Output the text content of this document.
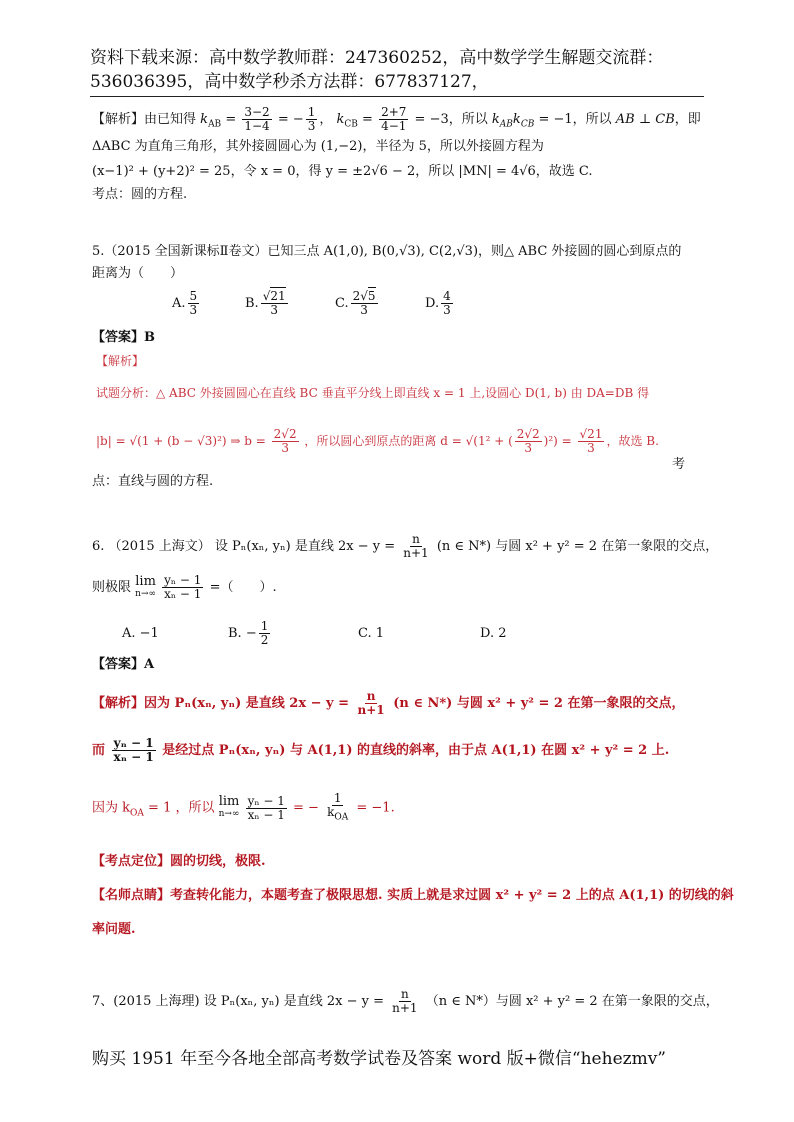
资料下载来源：高中数学教师群：247360252，高中数学学生解题交流群：
536036395，高中数学秒杀方法群：677837127，
【解析】由已知得 $k_{AB} = \frac{3-2}{1-4}$ = − $\frac{1}{3}$ ， $k_{CB} = \frac{2+7}{4-1} = -3$，所以 $k_{AB}k_{CB} = -1$，所以 AB ⊥ CB，即
ΔABC 为直角三角形，其外接圆圆心为 (1,−2)，半径为 5，所以外接圆方程为
(x−1)² + (y+2)² = 25，令 x = 0，得 y = ±2√6 − 2，所以 |MN| = 4√6，故选 C.
考点：圆的方程.
5.（2015 全国新课标Ⅱ卷文）已知三点 A(1,0), B(0,√3), C(2,√3)，则△ ABC 外接圆的圆心到原点的
距离为（　　）
A. $\frac{5}{3}$	B. $\frac{√21}{3}$	C. $\frac{2√5}{3}$	D. $\frac{4}{3}$
【答案】B
【解析】
试题分析：△ ABC 外接圆圆心在直线 BC 垂直平分线上即直线 x = 1 上,设圆心 D(1, b) 由 DA=DB 得
|b| = √(1 + (b − √3)²) ⇒ $b = \frac{2√2}{3}$ ，所以圆心到原点的距离 d = √(1² + ( $\frac{2√2}{3} )^2) = \frac{√21}{3}$ ，故选 B.
考
点：直线与圆的方程.
6. （2015 上海文） 设 Pₙ(xₙ, yₙ) 是直线 $2x - y = \frac{n}{n+1} (n$ ∈ N*) 与圆 x² + y² = 2 在第一象限的交点，
则极限 lim
n→∞
$\frac{\text{yₙ − 1}}{\text{xₙ − 1}}$ =（　　）.
A. −1	B. − $\frac{1}{2}$	C. 1	D. 2
【答案】A
【解析】因为 Pₙ(xₙ, yₙ) 是直线 $2x - y = \frac{n}{n+1} (n$ ∈ N*) 与圆 x² + y² = 2 在第一象限的交点，
而 $\frac{\text{yₙ − 1}}{\text{xₙ − 1}}$ 是经过点 Pₙ(xₙ, yₙ) 与 A(1,1) 的直线的斜率，由于点 A(1,1) 在圆 x² + y² = 2 上.
因为 $k_{OA} = 1$ ，所以 lim
n→∞
$\frac{\text{yₙ − 1}}{\text{xₙ − 1}}$ = − $\frac{1}{k_{OA}} = -1$.
【考点定位】圆的切线，极限.
【名师点睛】考查转化能力，本题考查了极限思想. 实质上就是求过圆 x² + y² = 2 上的点 A(1,1) 的切线的斜
率问题.
7、(2015 上海理) 设 Pₙ(xₙ, yₙ) 是直线 $2x - y = \frac{n}{n+1} (n$ ∈ N*）与圆 x² + y² = 2 在第一象限的交点，
购买 1951 年至今各地全部高考数学试卷及答案 word 版+微信“hehezmv”
